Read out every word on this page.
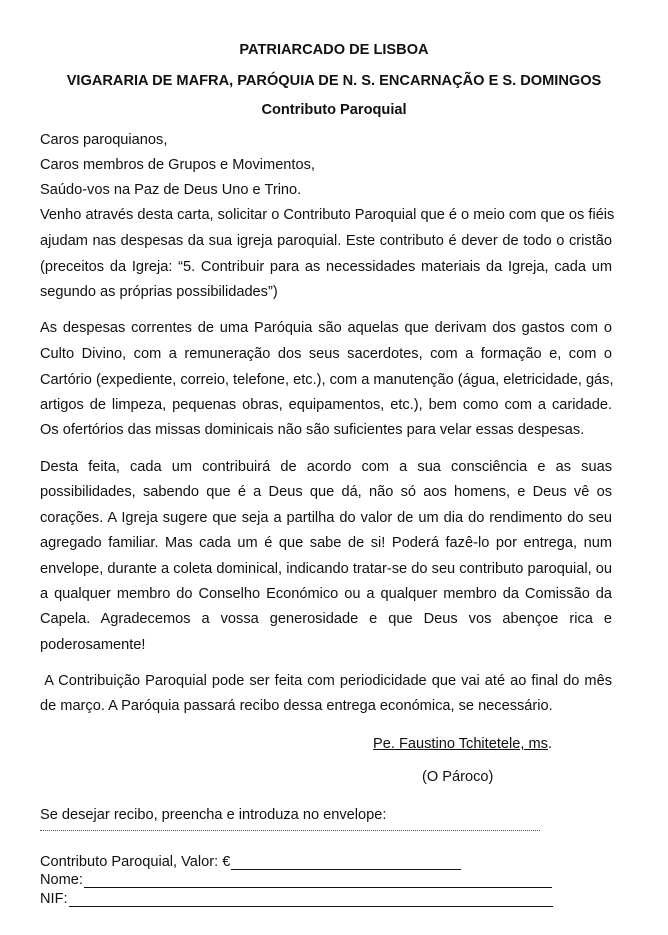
PATRIARCADO DE LISBOA
VIGARARIA DE MAFRA, PARÓQUIA DE N. S. ENCARNAÇÃO E S. DOMINGOS
Contributo Paroquial
Caros paroquianos,
Caros membros de Grupos e Movimentos,
Saúdo-vos na Paz de Deus Uno e Trino.
Venho através desta carta, solicitar o Contributo Paroquial que é o meio com que os fiéis
ajudam nas despesas da sua igreja paroquial. Este contributo é dever de todo o cristão
(preceitos da Igreja: “5. Contribuir para as necessidades materiais da Igreja, cada um
segundo as próprias possibilidades”)
As despesas correntes de uma Paróquia são aquelas que derivam dos gastos com o
Culto Divino, com a remuneração dos seus sacerdotes, com a formação e, com o
Cartório (expediente, correio, telefone, etc.), com a manutenção (água, eletricidade, gás,
artigos de limpeza, pequenas obras, equipamentos, etc.), bem como com a caridade.
Os ofertórios das missas dominicais não são suficientes para velar essas despesas.
Desta feita, cada um contribuirá de acordo com a sua consciência e as suas
possibilidades, sabendo que é a Deus que dá, não só aos homens, e Deus vê os
corações. A Igreja sugere que seja a partilha do valor de um dia do rendimento do seu
agregado familiar. Mas cada um é que sabe de si! Poderá fazê-lo por entrega, num
envelope, durante a coleta dominical, indicando tratar-se do seu contributo paroquial, ou
a qualquer membro do Conselho Económico ou a qualquer membro da Comissão da
Capela. Agradecemos a vossa generosidade e que Deus vos abençoe rica e
poderosamente!
A Contribuição Paroquial pode ser feita com periodicidade que vai até ao final do mês
de março. A Paróquia passará recibo dessa entrega económica, se necessário.
Pe. Faustino Tchitetele, ms.
(O Pároco)
Se desejar recibo, preencha e introduza no envelope:
Contributo Paroquial, Valor: €
Nome:
NIF:
